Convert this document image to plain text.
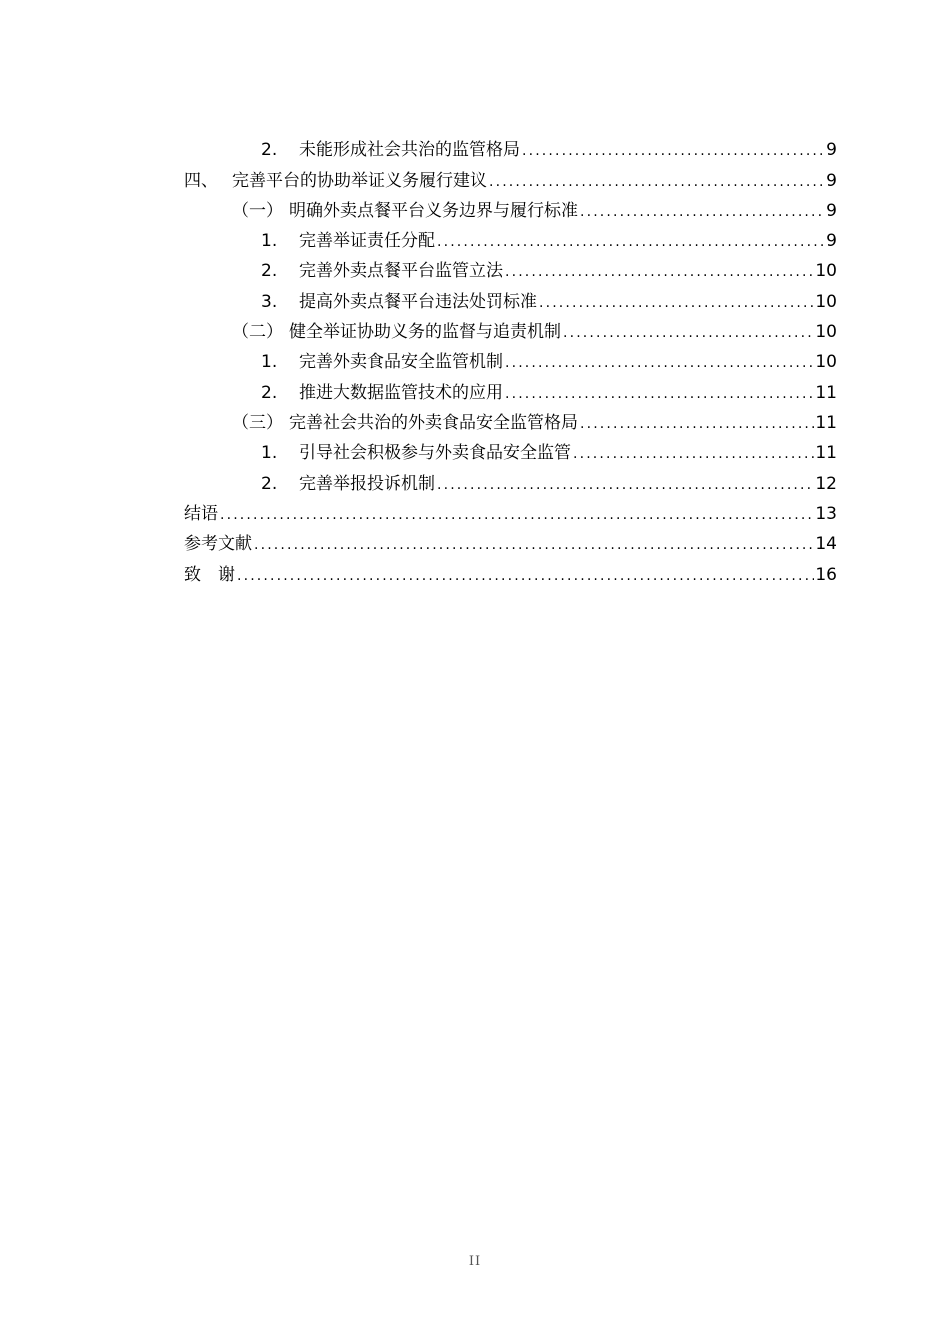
2.	未能形成社会共治的监管格局 . . .	9
四、 完善平台的协助举证义务履行建议 . . .	9
（一） 明确外卖点餐平台义务边界与履行标准 . . .	9
1.	完善举证责任分配 . . .	9
2.	完善外卖点餐平台监管立法 . . .	10
3.	提高外卖点餐平台违法处罚标准 . . .	10
（二） 健全举证协助义务的监督与追责机制 . . .	10
1.	完善外卖食品安全监管机制 . . .	10
2.	推进大数据监管技术的应用 . . .	11
（三） 完善社会共治的外卖食品安全监管格局 . . .	11
1.	引导社会积极参与外卖食品安全监管 . . .	11
2.	完善举报投诉机制 . . .	12
结语 . . .	13
参考文献 . . .	14
致　谢 . . .	16
II
